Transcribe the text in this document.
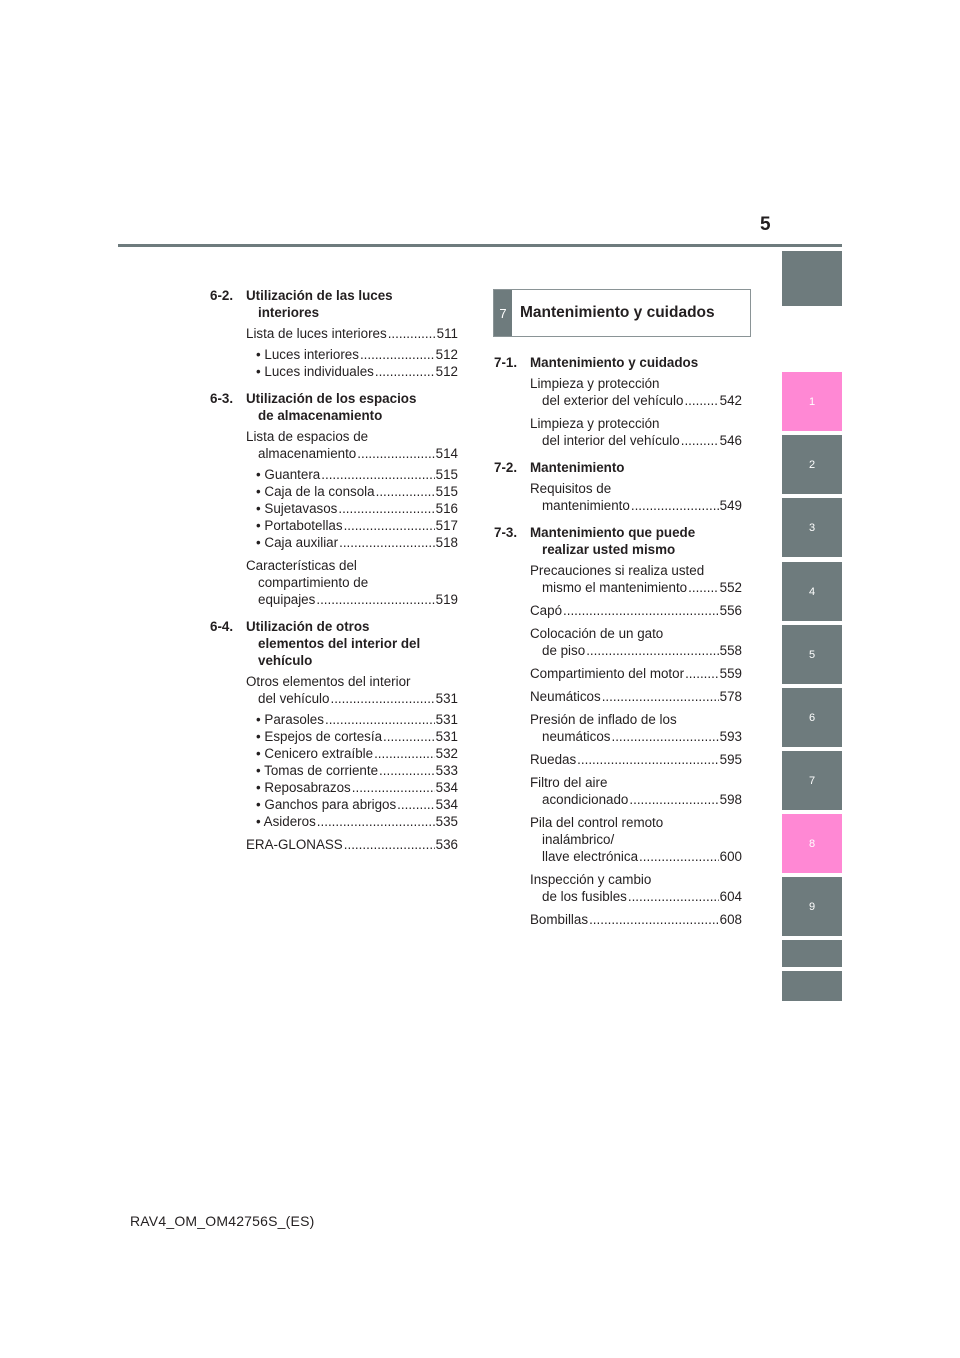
5
6-2. Utilización de las luces
interiores
Lista de luces interiores .....	511
• Luces interiores .....	512
• Luces individuales .....	512
6-3. Utilización de los espacios
de almacenamiento
Lista de espacios de
almacenamiento .....	514
• Guantera .....	515
• Caja de la consola .....	515
• Sujetavasos .....	516
• Portabotellas .....	517
• Caja auxiliar .....	518
Características del
compartimiento de
equipajes .....	519
6-4. Utilización de otros
elementos del interior del
vehículo
Otros elementos del interior
del vehículo .....	531
• Parasoles .....	531
• Espejos de cortesía .....	531
• Cenicero extraíble .....	532
• Tomas de corriente .....	533
• Reposabrazos .....	534
• Ganchos para abrigos .....	534
• Asideros .....	535
ERA-GLONASS .....	536
7 Mantenimiento y cuidados
7-1. Mantenimiento y cuidados
Limpieza y protección
del exterior del vehículo .....	542
Limpieza y protección
del interior del vehículo .....	546
7-2. Mantenimiento
Requisitos de
mantenimiento .....	549
7-3. Mantenimiento que puede
realizar usted mismo
Precauciones si realiza usted
mismo el mantenimiento ..... 552
Capó .....	556
Colocación de un gato
de piso .....	558
Compartimiento del motor .....	559
Neumáticos .....	578
Presión de inflado de los
neumáticos .....	593
Ruedas .....	595
Filtro del aire
acondicionado .....	598
Pila del control remoto
inalámbrico/
llave electrónica .....	600
Inspección y cambio
de los fusibles .....	604
Bombillas .....	608
1
2
3
4
5
6
7
8
9
RAV4_OM_OM42756S_(ES)
